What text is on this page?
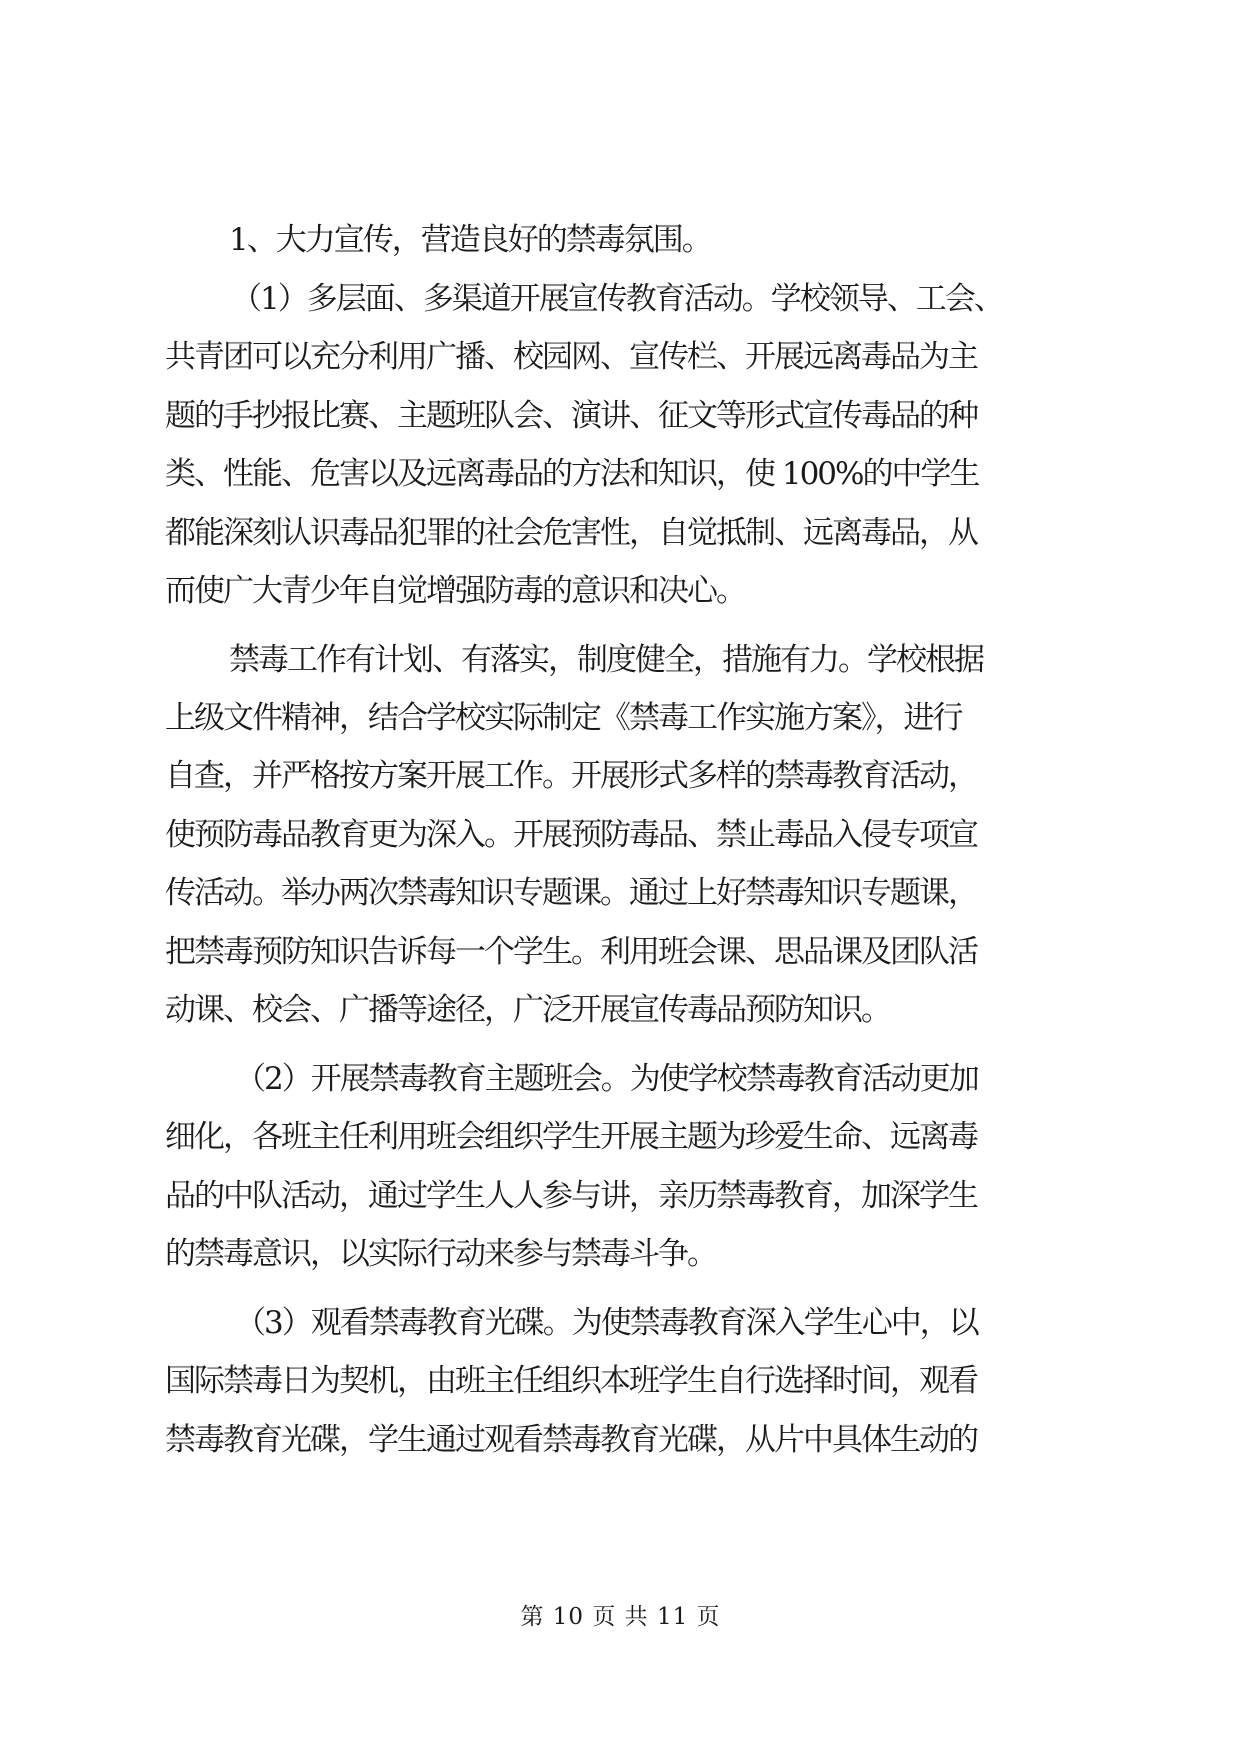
1、大力宣传，营造良好的禁毒氛围。
（1）多层面、多渠道开展宣传教育活动。学校领导、工会、
共青团可以充分利用广播、校园网、宣传栏、开展远离毒品为主
题的手抄报比赛、主题班队会、演讲、征文等形式宣传毒品的种
类、性能、危害以及远离毒品的方法和知识，使 100%的中学生
都能深刻认识毒品犯罪的社会危害性，自觉抵制、远离毒品，从
而使广大青少年自觉增强防毒的意识和决心。
禁毒工作有计划、有落实，制度健全，措施有力。学校根据
上级文件精神，结合学校实际制定《禁毒工作实施方案》，进行
自查，并严格按方案开展工作。开展形式多样的禁毒教育活动，
使预防毒品教育更为深入。开展预防毒品、禁止毒品入侵专项宣
传活动。举办两次禁毒知识专题课。通过上好禁毒知识专题课，
把禁毒预防知识告诉每一个学生。利用班会课、思品课及团队活
动课、校会、广播等途径，广泛开展宣传毒品预防知识。
（2）开展禁毒教育主题班会。为使学校禁毒教育活动更加
细化，各班主任利用班会组织学生开展主题为珍爱生命、远离毒
品的中队活动，通过学生人人参与讲，亲历禁毒教育，加深学生
的禁毒意识，以实际行动来参与禁毒斗争。
（3）观看禁毒教育光碟。为使禁毒教育深入学生心中，以
国际禁毒日为契机，由班主任组织本班学生自行选择时间，观看
禁毒教育光碟，学生通过观看禁毒教育光碟，从片中具体生动的
第 10 页 共 11 页
